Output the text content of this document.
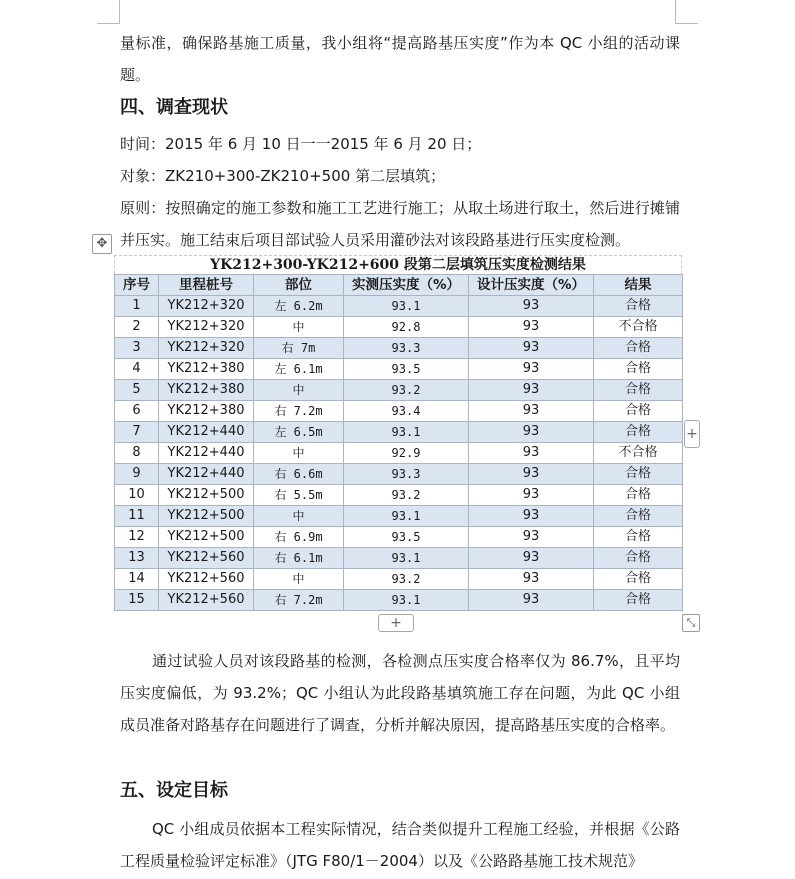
量标准，确保路基施工质量，我小组将“提高路基压实度”作为本 QC 小组的活动课题。

四、调查现状
时间：2015 年 6 月 10 日一一2015 年 6 月 20 日；
对象：ZK210+300-ZK210+500 第二层填筑；

原则：按照确定的施工参数和施工工艺进行施工；从取土场进行取土，然后进行摊铺并压实。施工结束后项目部试验人员采用灌砂法对该段路基进行压实度检测。

✥
YK212+300-YK212+600 段第二层填筑压实度检测结果
序号	里程桩号	部位	实测压实度（%）	设计压实度（%）	结果
1	YK212+320	左 6.2m	93.1	93	合格
2	YK212+320	中	92.8	93	不合格
3	YK212+320	右 7m	93.3	93	合格
4	YK212+380	左 6.1m	93.5	93	合格
5	YK212+380	中	93.2	93	合格
6	YK212+380	右 7.2m	93.4	93	合格
7	YK212+440	左 6.5m	93.1	93	合格
8	YK212+440	中	92.9	93	不合格
9	YK212+440	右 6.6m	93.3	93	合格
10	YK212+500	右 5.5m	93.2	93	合格
11	YK212+500	中	93.1	93	合格
12	YK212+500	右 6.9m	93.5	93	合格
13	YK212+560	右 6.1m	93.1	93	合格
14	YK212+560	中	93.2	93	合格
15	YK212+560	右 7.2m	93.1	93	合格
+
+	⤡

通过试验人员对该段路基的检测，各检测点压实度合格率仅为 86.7%，且平均压实度偏低，为 93.2%；QC 小组认为此段路基填筑施工存在问题，为此 QC 小组成员准备对路基存在问题进行了调查，分析并解决原因，提高路基压实度的合格率。

五、设定目标

QC 小组成员依据本工程实际情况，结合类似提升工程施工经验，并根据《公路工程质量检验评定标准》（JTG F80/1－2004）以及《公路路基施工技术规范》
